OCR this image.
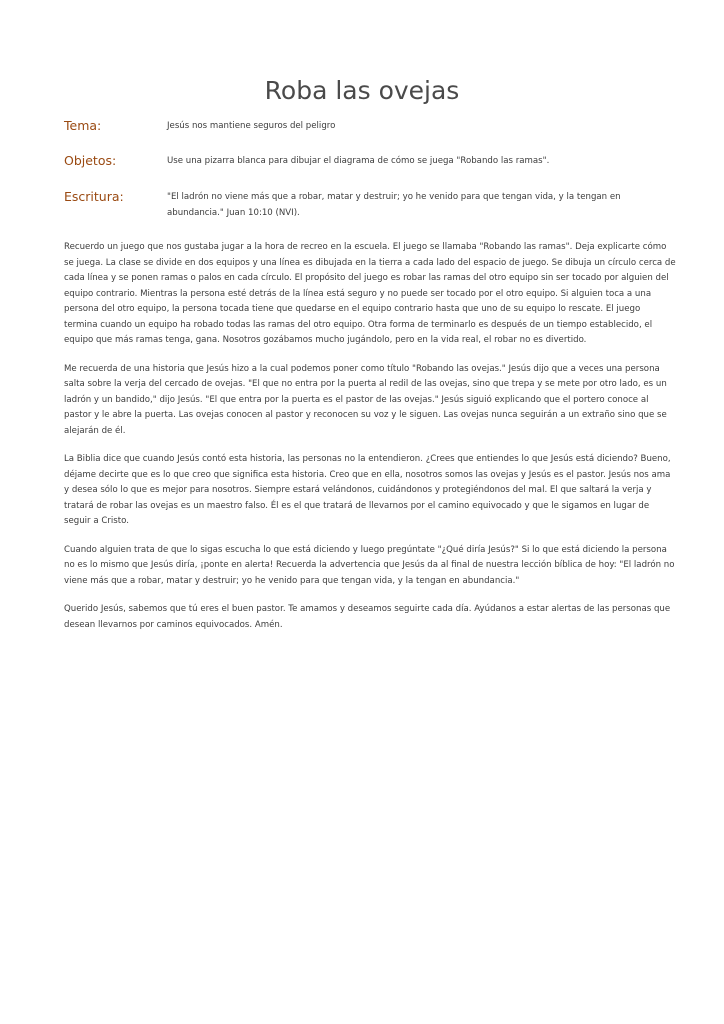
Roba las ovejas
Tema:	Jesús nos mantiene seguros del peligro
Objetos:	Use una pizarra blanca para dibujar el diagrama de cómo se juega "Robando las ramas".
Escritura:	"El ladrón no viene más que a robar, matar y destruir; yo he venido para que tengan vida, y la tengan en abundancia." Juan 10:10 (NVI).

Recuerdo un juego que nos gustaba jugar a la hora de recreo en la escuela. El juego se llamaba "Robando las ramas". Deja explicarte cómo se juega. La clase se divide en dos equipos y una línea es dibujada en la tierra a cada lado del espacio de juego. Se dibuja un círculo cerca de cada línea y se ponen ramas o palos en cada círculo. El propósito del juego es robar las ramas del otro equipo sin ser tocado por alguien del equipo contrario. Mientras la persona esté detrás de la línea está seguro y no puede ser tocado por el otro equipo. Si alguien toca a una persona del otro equipo, la persona tocada tiene que quedarse en el equipo contrario hasta que uno de su equipo lo rescate. El juego termina cuando un equipo ha robado todas las ramas del otro equipo. Otra forma de terminarlo es después de un tiempo establecido, el equipo que más ramas tenga, gana. Nosotros gozábamos mucho jugándolo, pero en la vida real, el robar no es divertido.

Me recuerda de una historia que Jesús hizo a la cual podemos poner como título "Robando las ovejas." Jesús dijo que a veces una persona salta sobre la verja del cercado de ovejas. "El que no entra por la puerta al redil de las ovejas, sino que trepa y se mete por otro lado, es un ladrón y un bandido," dijo Jesús. "El que entra por la puerta es el pastor de las ovejas." Jesús siguió explicando que el portero conoce al pastor y le abre la puerta. Las ovejas conocen al pastor y reconocen su voz y le siguen. Las ovejas nunca seguirán a un extraño sino que se alejarán de él.

La Biblia dice que cuando Jesús contó esta historia, las personas no la entendieron. ¿Crees que entiendes lo que Jesús está diciendo? Bueno, déjame decirte que es lo que creo que significa esta historia. Creo que en ella, nosotros somos las ovejas y Jesús es el pastor. Jesús nos ama y desea sólo lo que es mejor para nosotros. Siempre estará velándonos, cuidándonos y protegiéndonos del mal. El que saltará la verja y tratará de robar las ovejas es un maestro falso. Él es el que tratará de llevarnos por el camino equivocado y que le sigamos en lugar de seguir a Cristo.

Cuando alguien trata de que lo sigas escucha lo que está diciendo y luego pregúntate "¿Qué diría Jesús?" Si lo que está diciendo la persona no es lo mismo que Jesús diría, ¡ponte en alerta! Recuerda la advertencia que Jesús da al final de nuestra lección bíblica de hoy: "El ladrón no viene más que a robar, matar y destruir; yo he venido para que tengan vida, y la tengan en abundancia."

Querido Jesús, sabemos que tú eres el buen pastor. Te amamos y deseamos seguirte cada día. Ayúdanos a estar alertas de las personas que desean llevarnos por caminos equivocados. Amén.
